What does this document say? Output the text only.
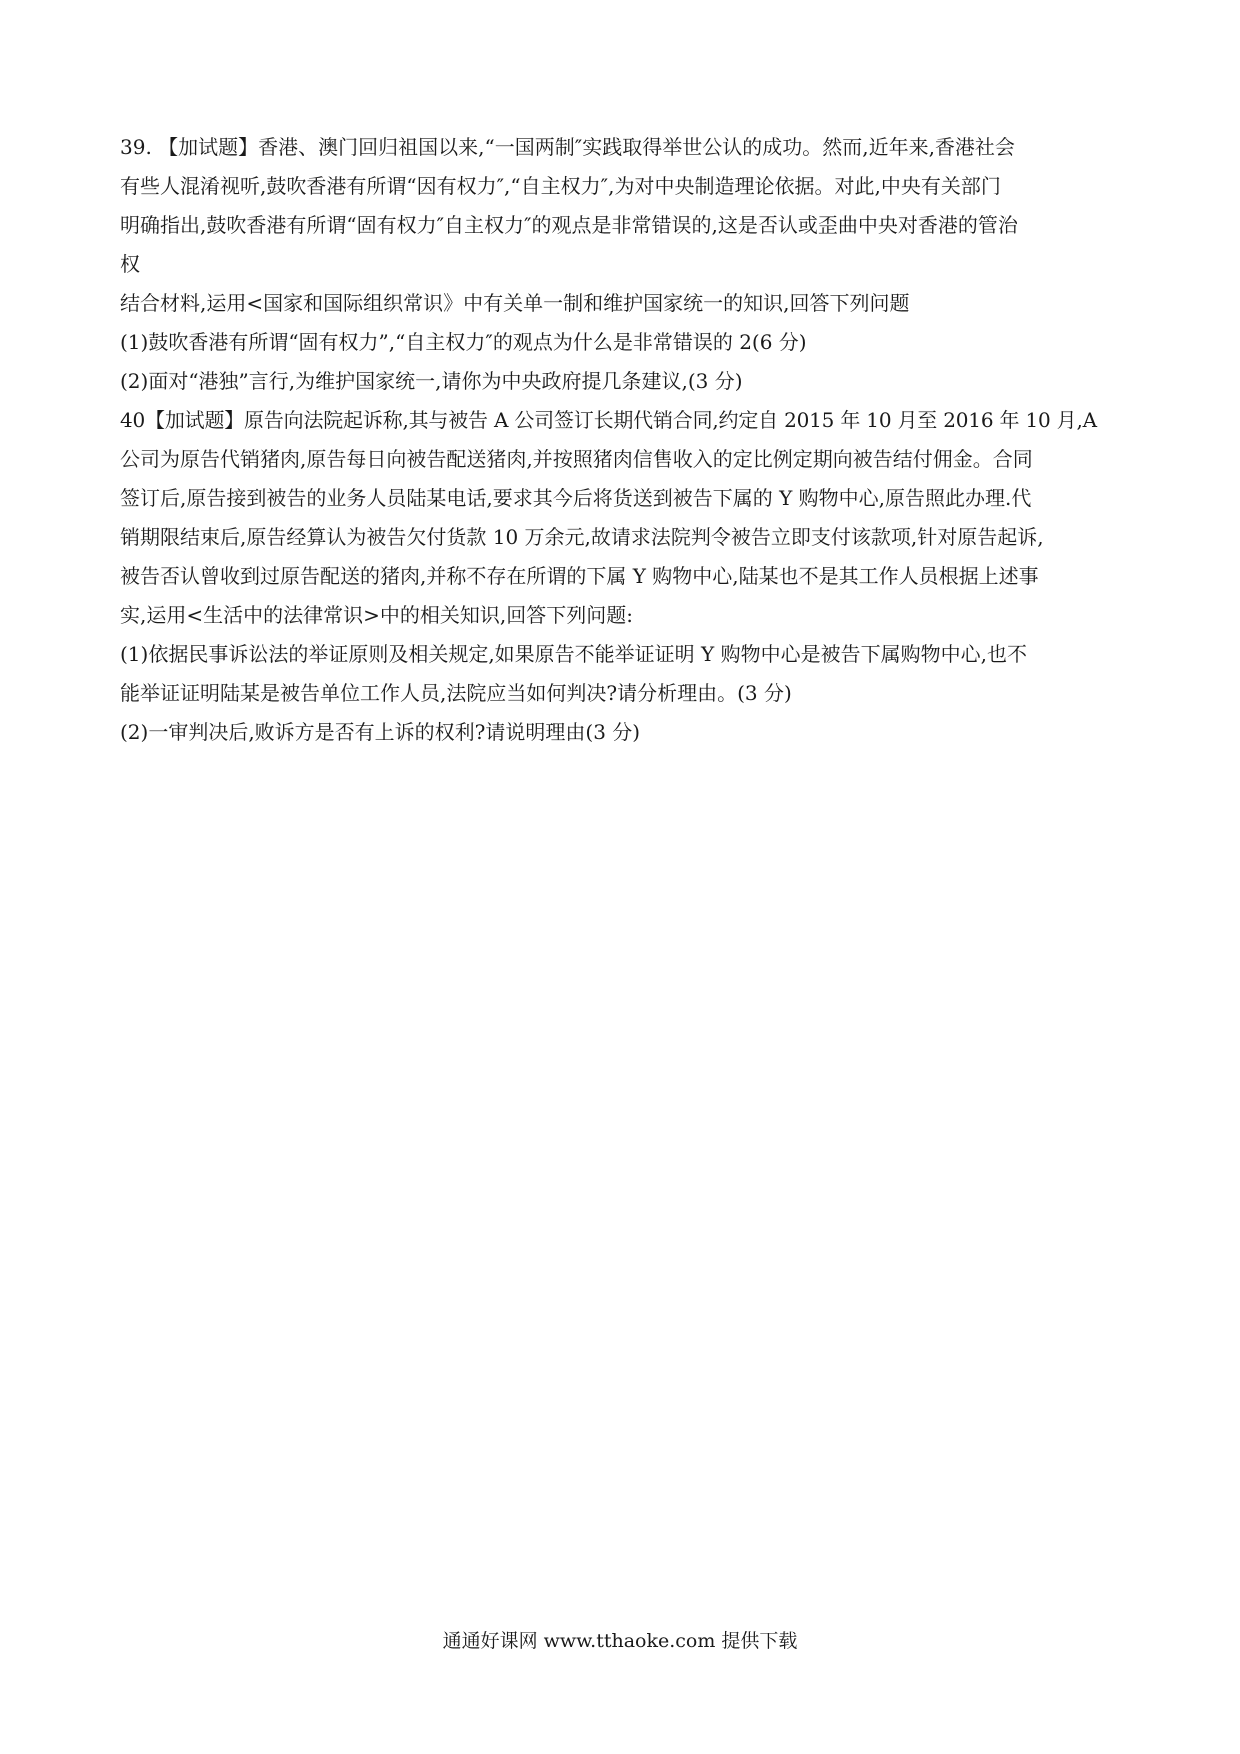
39. 【加试题】香港、澳门回归祖国以来,“一国两制″实践取得举世公认的成功。然而,近年来,香港社会
有些人混淆视听,鼓吹香港有所谓“因有权力″,“自主权力″,为对中央制造理论依据。对此,中央有关部门
明确指出,鼓吹香港有所谓“固有权力″自主权力″的观点是非常错误的,这是否认或歪曲中央对香港的管治
权
结合材料,运用<国家和国际组织常识》中有关单一制和维护国家统一的知识,回答下列问题
(1)鼓吹香港有所谓“固有权力”,“自主权力″的观点为什么是非常错误的 2(6 分)
(2)面对“港独”言行,为维护国家统一,请你为中央政府提几条建议,(3 分)
40【加试题】原告向法院起诉称,其与被告 A 公司签订长期代销合同,约定自 2015 年 10 月至 2016 年 10 月,A
公司为原告代销猪肉,原告每日向被告配送猪肉,并按照猪肉信售收入的定比例定期向被告结付佣金。合同
签订后,原告接到被告的业务人员陆某电话,要求其今后将货送到被告下属的 Y 购物中心,原告照此办理.代
销期限结束后,原告经算认为被告欠付货款 10 万余元,故请求法院判令被告立即支付该款项,针对原告起诉,
被告否认曾收到过原告配送的猪肉,并称不存在所谓的下属 Y 购物中心,陆某也不是其工作人员根据上述事
实,运用<生活中的法律常识>中的相关知识,回答下列问题:
(1)依据民事诉讼法的举证原则及相关规定,如果原告不能举证证明 Y 购物中心是被告下属购物中心,也不
能举证证明陆某是被告单位工作人员,法院应当如何判决?请分析理由。(3 分)
(2)一审判决后,败诉方是否有上诉的权利?请说明理由(3 分)
通通好课网 www.tthaoke.com 提供下载
